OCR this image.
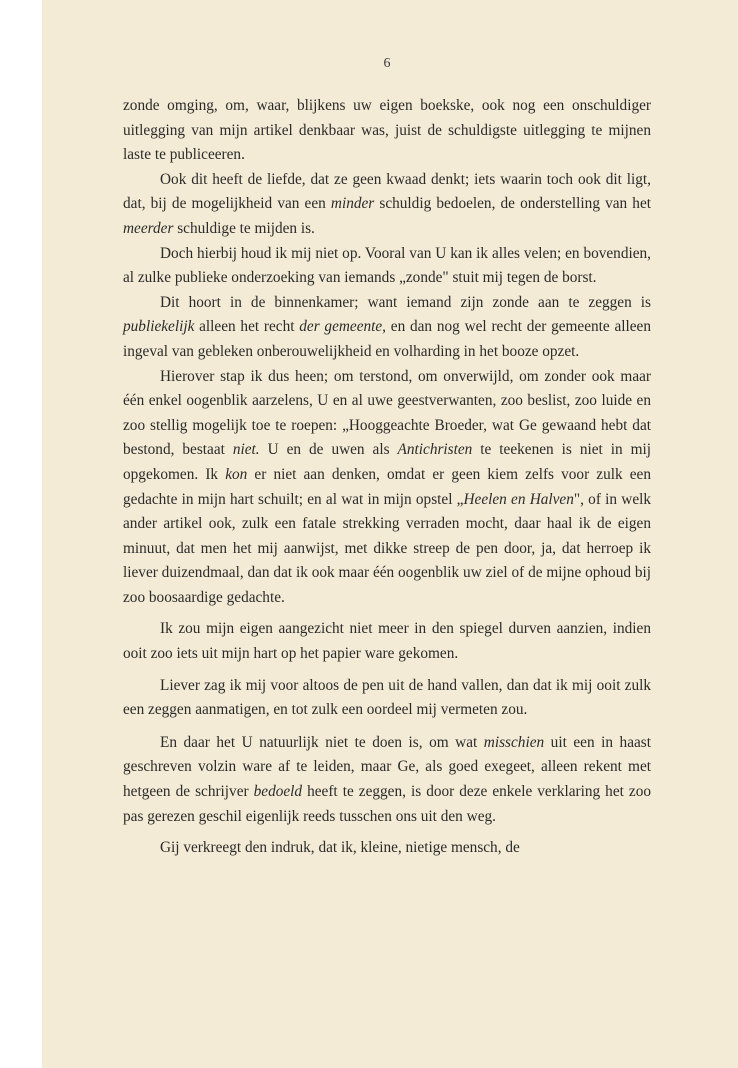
6

zonde omging, om, waar, blijkens uw eigen boekske, ook nog een onschuldiger uitlegging van mijn artikel denkbaar was, juist de schuldigste uitlegging te mijnen laste te publiceeren.

Ook dit heeft de liefde, dat ze geen kwaad denkt; iets waarin toch ook dit ligt, dat, bij de mogelijkheid van een minder schuldig bedoelen, de onderstelling van het meerder schuldige te mijden is.

Doch hierbij houd ik mij niet op. Vooral van U kan ik alles velen; en bovendien, al zulke publieke onderzoeking van iemands „zonde" stuit mij tegen de borst.

Dit hoort in de binnenkamer; want iemand zijn zonde aan te zeggen is publiekelijk alleen het recht der gemeente, en dan nog wel recht der gemeente alleen ingeval van gebleken onberouwelijkheid en volharding in het booze opzet.

Hierover stap ik dus heen; om terstond, om onverwijld, om zonder ook maar één enkel oogenblik aarzelens, U en al uwe geestverwanten, zoo beslist, zoo luide en zoo stellig mogelijk toe te roepen: „Hooggeachte Broeder, wat Ge gewaand hebt dat bestond, bestaat niet. U en de uwen als Antichristen te teekenen is niet in mij opgekomen. Ik kon er niet aan denken, omdat er geen kiem zelfs voor zulk een gedachte in mijn hart schuilt; en al wat in mijn opstel „Heelen en Halven", of in welk ander artikel ook, zulk een fatale strekking verraden mocht, daar haal ik de eigen minuut, dat men het mij aanwijst, met dikke streep de pen door, ja, dat herroep ik liever duizendmaal, dan dat ik ook maar één oogenblik uw ziel of de mijne ophoud bij zoo boosaardige gedachte.

Ik zou mijn eigen aangezicht niet meer in den spiegel durven aanzien, indien ooit zoo iets uit mijn hart op het papier ware gekomen.

Liever zag ik mij voor altoos de pen uit de hand vallen, dan dat ik mij ooit zulk een zeggen aanmatigen, en tot zulk een oordeel mij vermeten zou.

En daar het U natuurlijk niet te doen is, om wat misschien uit een in haast geschreven volzin ware af te leiden, maar Ge, als goed exegeet, alleen rekent met hetgeen de schrijver bedoeld heeft te zeggen, is door deze enkele verklaring het zoo pas gerezen geschil eigenlijk reeds tusschen ons uit den weg.

Gij verkreegt den indruk, dat ik, kleine, nietige mensch, de
